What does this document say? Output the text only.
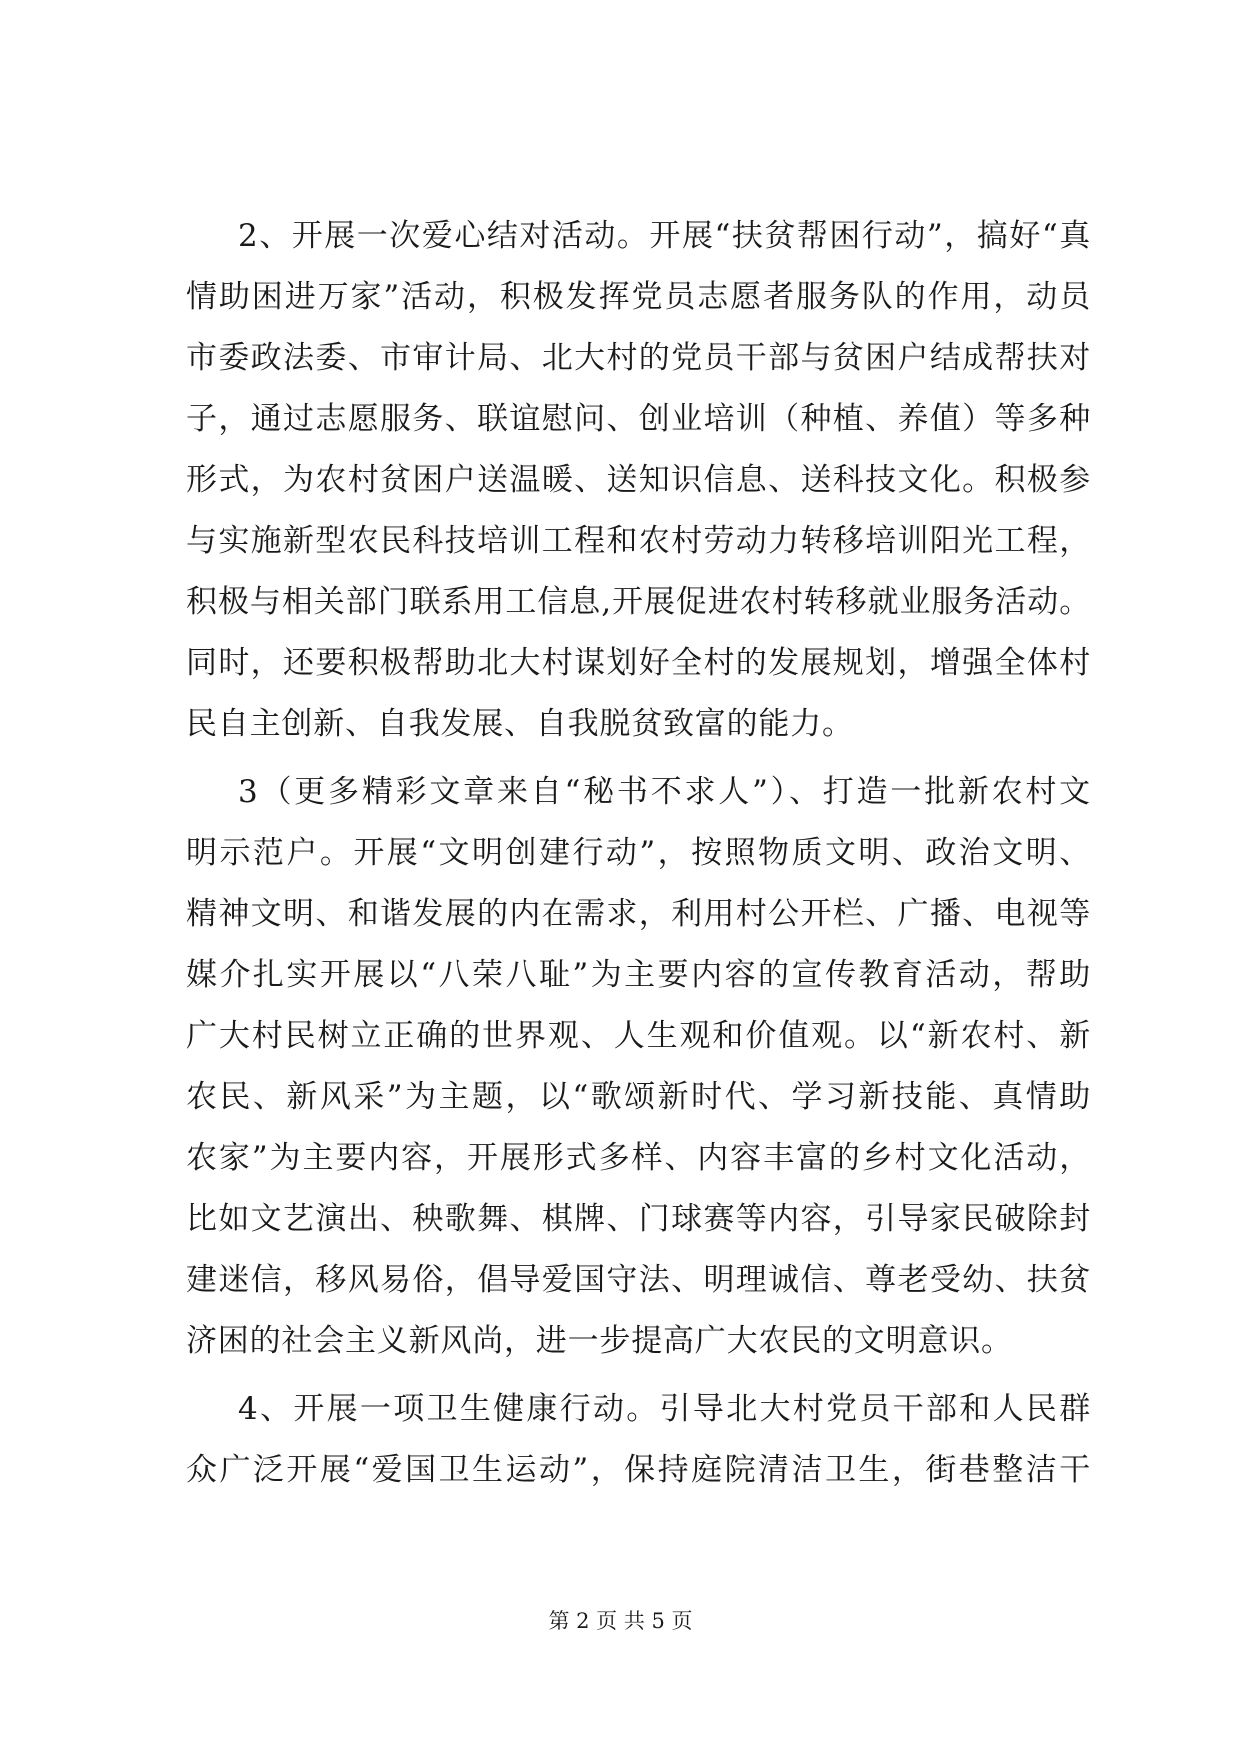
2、开展一次爱心结对活动。开展“扶贫帮困行动”，搞好“真
情助困进万家”活动，积极发挥党员志愿者服务队的作用，动员
市委政法委、市审计局、北大村的党员干部与贫困户结成帮扶对
子，通过志愿服务、联谊慰问、创业培训（种植、养值）等多种
形式，为农村贫困户送温暖、送知识信息、送科技文化。积极参
与实施新型农民科技培训工程和农村劳动力转移培训阳光工程，
积极与相关部门联系用工信息,开展促进农村转移就业服务活动。
同时，还要积极帮助北大村谋划好全村的发展规划，增强全体村
民自主创新、自我发展、自我脱贫致富的能力。
3（更多精彩文章来自“秘书不求人”）、打造一批新农村文
明示范户。开展“文明创建行动”，按照物质文明、政治文明、
精神文明、和谐发展的内在需求，利用村公开栏、广播、电视等
媒介扎实开展以“八荣八耻”为主要内容的宣传教育活动，帮助
广大村民树立正确的世界观、人生观和价值观。以“新农村、新
农民、新风采”为主题，以“歌颂新时代、学习新技能、真情助
农家”为主要内容，开展形式多样、内容丰富的乡村文化活动，
比如文艺演出、秧歌舞、棋牌、门球赛等内容，引导家民破除封
建迷信，移风易俗，倡导爱国守法、明理诚信、尊老受幼、扶贫
济困的社会主义新风尚，进一步提高广大农民的文明意识。
4、开展一项卫生健康行动。引导北大村党员干部和人民群
众广泛开展“爱国卫生运动”，保持庭院清洁卫生，街巷整洁干
第 2 页 共 5 页
